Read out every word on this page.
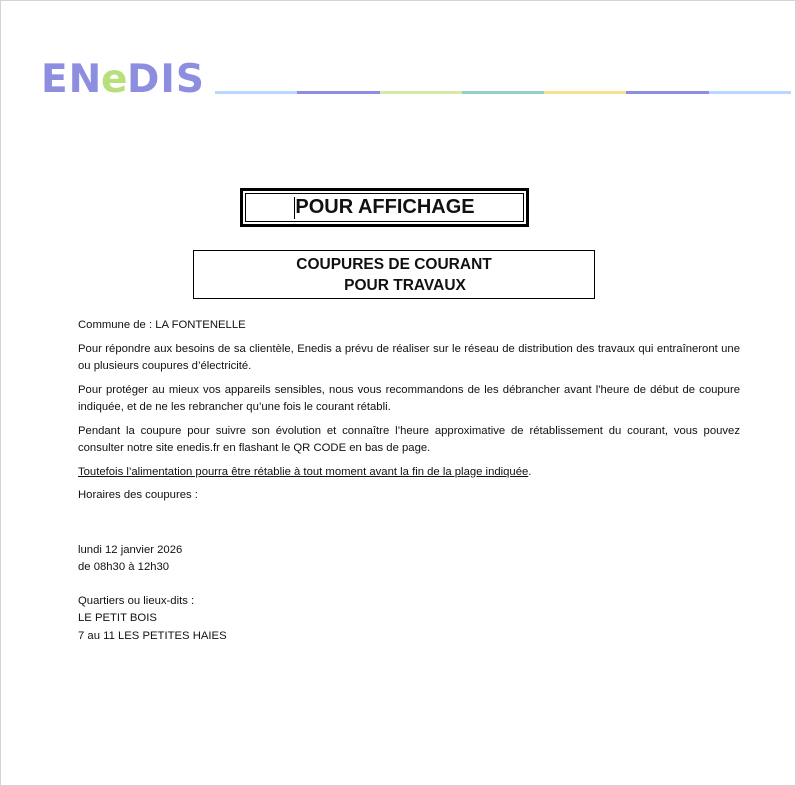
EN
e DIS
POUR AFFICHAGE
COUPURES DE COURANT
POUR TRAVAUX

Commune de : LA FONTENELLE

Pour répondre aux besoins de sa clientèle, Enedis a prévu de réaliser sur le réseau de distribution des travaux qui entraîneront une ou plusieurs coupures d’électricité.

Pour protéger au mieux vos appareils sensibles, nous vous recommandons de les débrancher avant l'heure de début de coupure indiquée, et de ne les rebrancher qu’une fois le courant rétabli.

Pendant la coupure pour suivre son évolution et connaître l’heure approximative de rétablissement du courant, vous pouvez consulter notre site enedis.fr en flashant le QR CODE en bas de page.

Toutefois l’alimentation pourra être rétablie à tout moment avant la fin de la plage indiquée.

Horaires des coupures :

lundi 12 janvier 2026
de 08h30 à 12h30
Quartiers ou lieux-dits :
LE PETIT BOIS
7 au 11 LES PETITES HAIES
